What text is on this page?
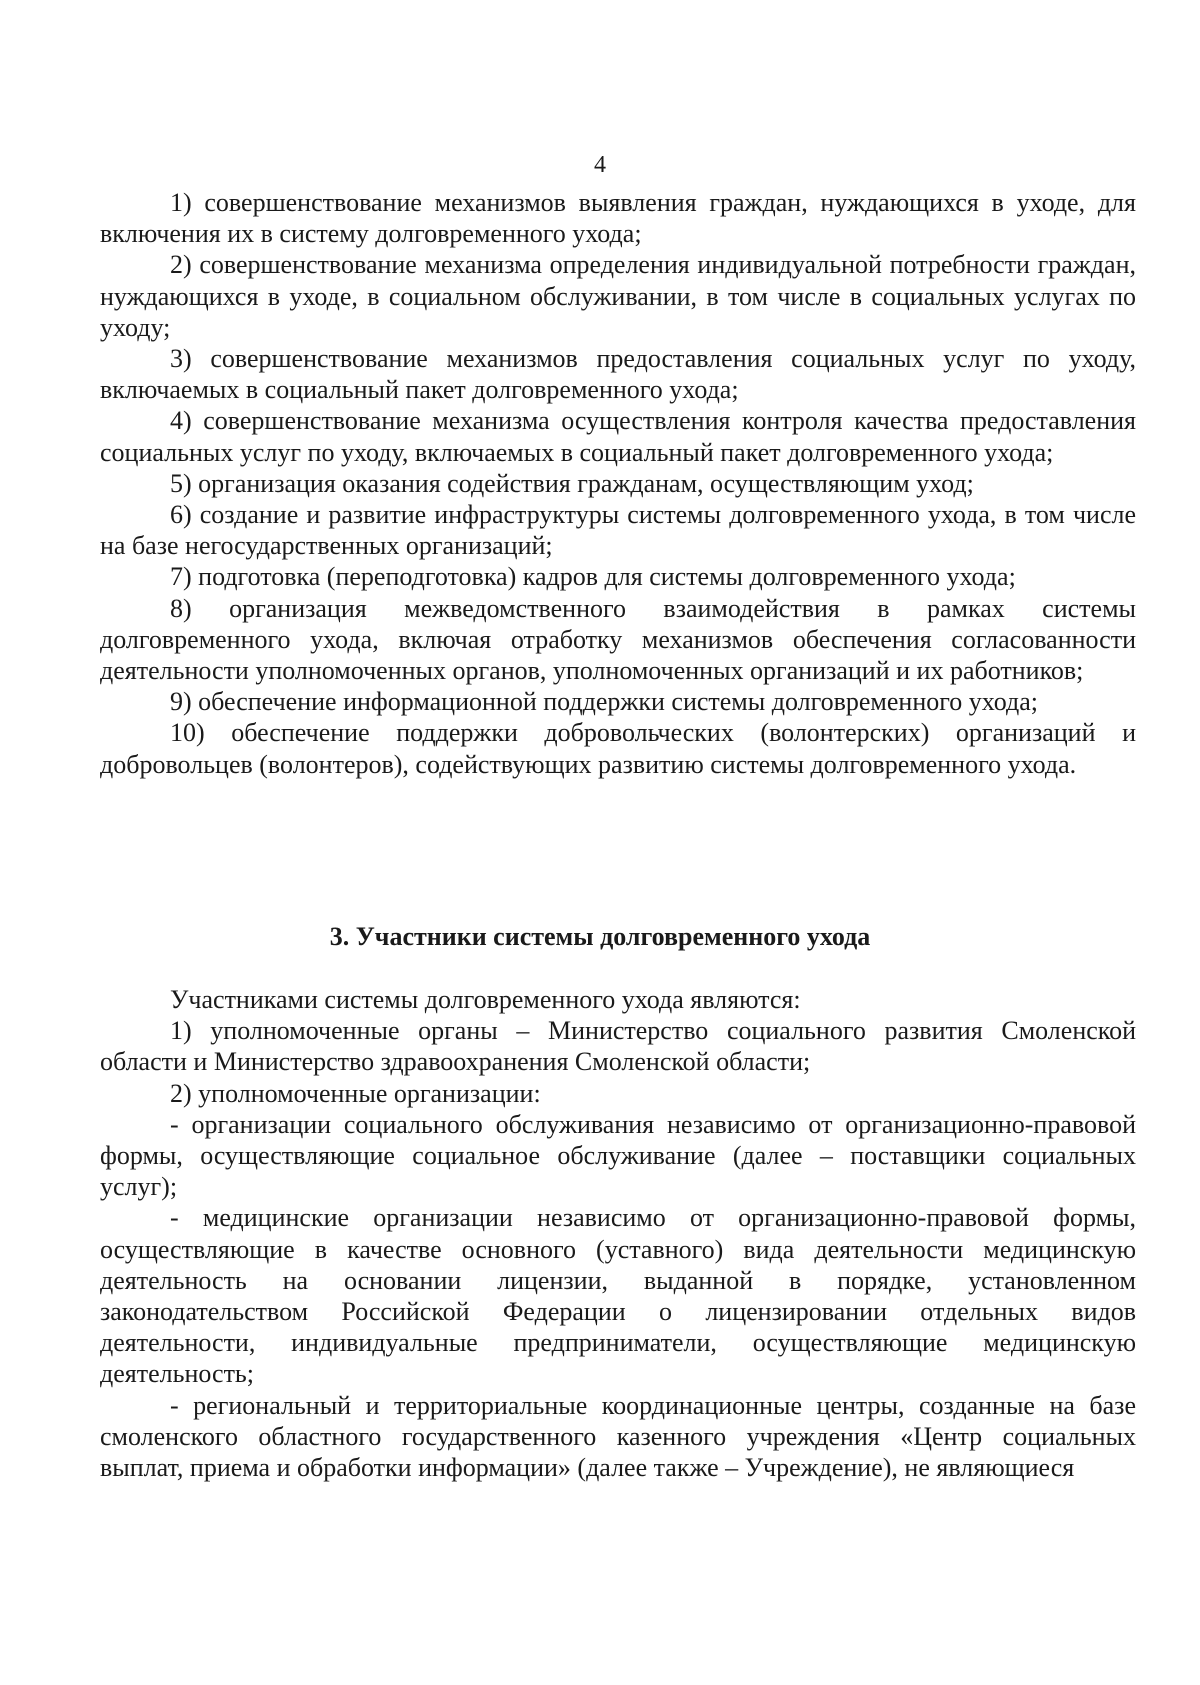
4

1) совершенствование механизмов выявления граждан, нуждающихся в уходе, для включения их в систему долговременного ухода;

2) совершенствование механизма определения индивидуальной потребности граждан, нуждающихся в уходе, в социальном обслуживании, в том числе в социальных услугах по уходу;

3) совершенствование механизмов предоставления социальных услуг по уходу, включаемых в социальный пакет долговременного ухода;

4) совершенствование механизма осуществления контроля качества предоставления социальных услуг по уходу, включаемых в социальный пакет долговременного ухода;

5) организация оказания содействия гражданам, осуществляющим уход;

6) создание и развитие инфраструктуры системы долговременного ухода, в том числе на базе негосударственных организаций;

7) подготовка (переподготовка) кадров для системы долговременного ухода;

8) организация межведомственного взаимодействия в рамках системы долговременного ухода, включая отработку механизмов обеспечения согласованности деятельности уполномоченных органов, уполномоченных организаций и их работников;

9) обеспечение информационной поддержки системы долговременного ухода;

10) обеспечение поддержки добровольческих (волонтерских) организаций и добровольцев (волонтеров), содействующих развитию системы долговременного ухода.

3. Участники системы долговременного ухода

Участниками системы долговременного ухода являются:

1) уполномоченные органы – Министерство социального развития Смоленской области и Министерство здравоохранения Смоленской области;

2) уполномоченные организации:

- организации социального обслуживания независимо от организационно-правовой формы, осуществляющие социальное обслуживание (далее – поставщики социальных услуг);

- медицинские организации независимо от организационно-правовой формы, осуществляющие в качестве основного (уставного) вида деятельности медицинскую деятельность на основании лицензии, выданной в порядке, установленном законодательством Российской Федерации о лицензировании отдельных видов деятельности, индивидуальные предприниматели, осуществляющие медицинскую деятельность;

- региональный и территориальные координационные центры, созданные на базе смоленского областного государственного казенного учреждения «Центр социальных выплат, приема и обработки информации» (далее также – Учреждение), не являющиеся
